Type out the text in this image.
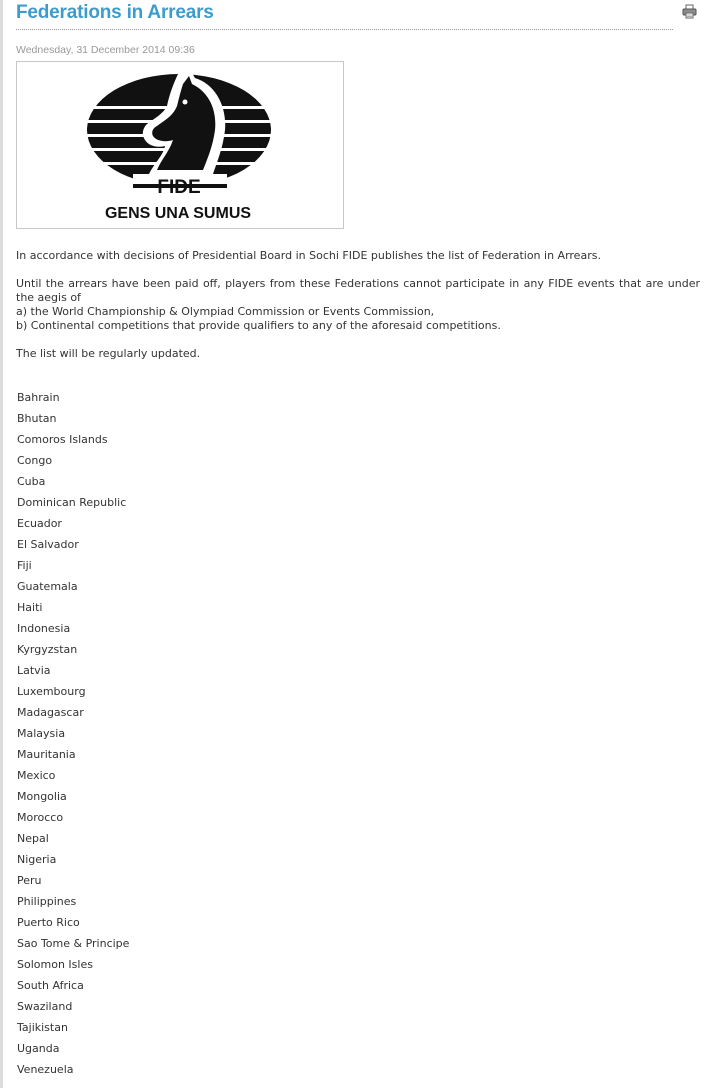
Federations in Arrears
Wednesday, 31 December 2014 09:36
FIDE
GENS UNA SUMUS

In accordance with decisions of Presidential Board in Sochi FIDE publishes the list of Federation in Arrears.

Until the arrears have been paid off, players from these Federations cannot participate in any FIDE events that are under the aegis of
a) the World Championship & Olympiad Commission or Events Commission,
b) Continental competitions that provide qualifiers to any of the aforesaid competitions.

The list will be regularly updated.

Bahrain
Bhutan
Comoros Islands
Congo
Cuba
Dominican Republic
Ecuador
El Salvador
Fiji
Guatemala
Haiti
Indonesia
Kyrgyzstan
Latvia
Luxembourg
Madagascar
Malaysia
Mauritania
Mexico
Mongolia
Morocco
Nepal
Nigeria
Peru
Philippines
Puerto Rico
Sao Tome & Principe
Solomon Isles
South Africa
Swaziland
Tajikistan
Uganda
Venezuela
